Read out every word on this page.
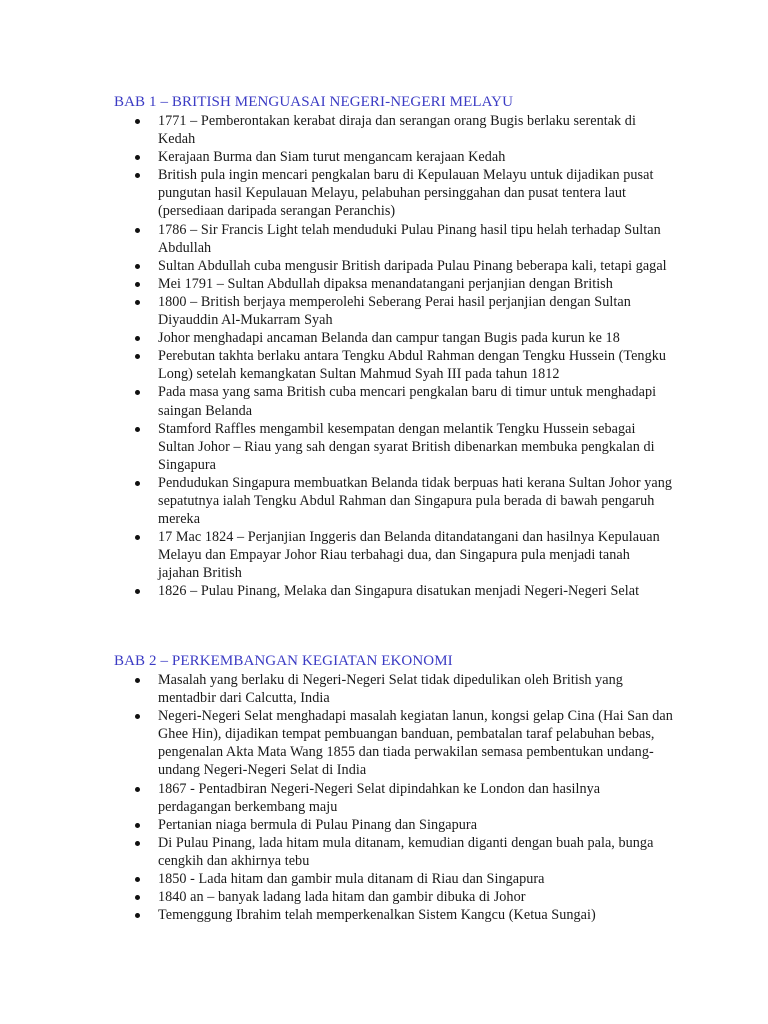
BAB 1 – BRITISH MENGUASAI NEGERI-NEGERI MELAYU
1771 – Pemberontakan kerabat diraja dan serangan orang Bugis berlaku serentak di Kedah
Kerajaan Burma dan Siam turut mengancam kerajaan Kedah
British pula ingin mencari pengkalan baru di Kepulauan Melayu untuk dijadikan pusat pungutan hasil Kepulauan Melayu, pelabuhan persinggahan dan pusat tentera laut (persediaan daripada serangan Peranchis)
1786 – Sir Francis Light telah menduduki Pulau Pinang hasil tipu helah terhadap Sultan Abdullah
Sultan Abdullah cuba mengusir British daripada Pulau Pinang beberapa kali, tetapi gagal
Mei 1791 – Sultan Abdullah dipaksa menandatangani perjanjian dengan British
1800 – British berjaya memperolehi Seberang Perai hasil perjanjian dengan Sultan Diyauddin Al-Mukarram Syah
Johor menghadapi ancaman Belanda dan campur tangan Bugis pada kurun ke 18
Perebutan takhta berlaku antara Tengku Abdul Rahman dengan Tengku Hussein (Tengku Long) setelah kemangkatan Sultan Mahmud Syah III pada tahun 1812
Pada masa yang sama British cuba mencari pengkalan baru di timur untuk menghadapi saingan Belanda
Stamford Raffles mengambil kesempatan dengan melantik Tengku Hussein sebagai Sultan Johor – Riau yang sah dengan syarat British dibenarkan membuka pengkalan di Singapura
Pendudukan Singapura membuatkan Belanda tidak berpuas hati kerana Sultan Johor yang sepatutnya ialah Tengku Abdul Rahman dan Singapura pula berada di bawah pengaruh mereka
17 Mac 1824 – Perjanjian Inggeris dan Belanda ditandatangani dan hasilnya Kepulauan Melayu dan Empayar Johor Riau terbahagi dua, dan Singapura pula menjadi tanah jajahan British
1826 – Pulau Pinang, Melaka dan Singapura disatukan menjadi Negeri-Negeri Selat
BAB 2 – PERKEMBANGAN KEGIATAN EKONOMI
Masalah yang berlaku di Negeri-Negeri Selat tidak dipedulikan oleh British yang mentadbir dari Calcutta, India
Negeri-Negeri Selat menghadapi masalah kegiatan lanun, kongsi gelap Cina (Hai San dan Ghee Hin), dijadikan tempat pembuangan banduan, pembatalan taraf pelabuhan bebas, pengenalan Akta Mata Wang 1855 dan tiada perwakilan semasa pembentukan undang-undang Negeri-Negeri Selat di India
1867 - Pentadbiran Negeri-Negeri Selat dipindahkan ke London dan hasilnya perdagangan berkembang maju
Pertanian niaga bermula di Pulau Pinang dan Singapura
Di Pulau Pinang, lada hitam mula ditanam, kemudian diganti dengan buah pala, bunga cengkih dan akhirnya tebu
1850 - Lada hitam dan gambir mula ditanam di Riau dan Singapura
1840 an – banyak ladang lada hitam dan gambir dibuka di Johor
Temenggung Ibrahim telah memperkenalkan Sistem Kangcu (Ketua Sungai)
